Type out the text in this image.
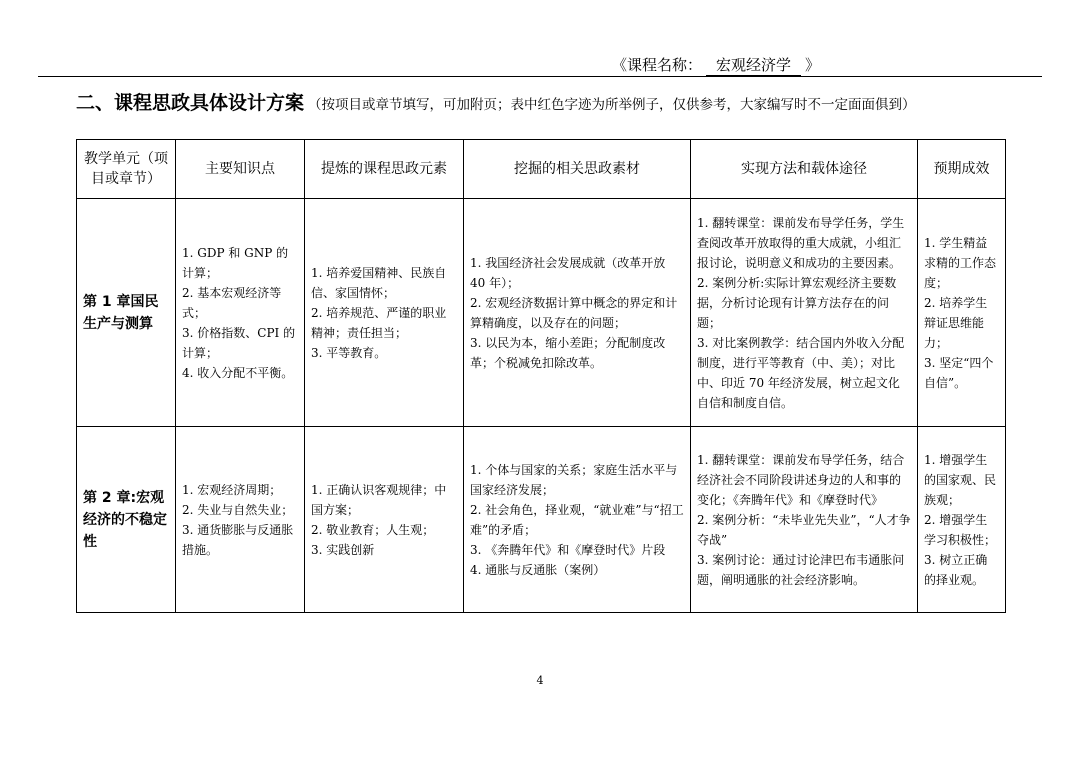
《课程名称： 宏观经济学 》
二、课程思政具体设计方案 （按项目或章节填写，可加附页；表中红色字迹为所举例子，仅供参考，大家编写时不一定面面俱到）
教学单元（项目或章节）	主要知识点	提炼的课程思政元素	挖掘的相关思政素材	实现方法和载体途径	预期成效
第 1 章国民生产与测算	1. GDP 和 GNP 的计算；
2. 基本宏观经济等式；
3. 价格指数、CPI 的计算；
4. 收入分配不平衡。	1. 培养爱国精神、民族自信、家国情怀；
2. 培养规范、严谨的职业精神；责任担当；
3. 平等教育。	1. 我国经济社会发展成就（改革开放 40 年）；
2. 宏观经济数据计算中概念的界定和计算精确度，以及存在的问题；
3. 以民为本，缩小差距；分配制度改革；个税减免扣除改革。	1. 翻转课堂：课前发布导学任务，学生查阅改革开放取得的重大成就，小组汇报讨论，说明意义和成功的主要因素。
2. 案例分析:实际计算宏观经济主要数据，分析讨论现有计算方法存在的问题；
3. 对比案例教学：结合国内外收入分配制度，进行平等教育（中、美）；对比中、印近 70 年经济发展，树立起文化自信和制度自信。	1. 学生精益求精的工作态度；
2. 培养学生辩证思维能力；
3. 坚定“四个自信”。

第 2 章:宏观经济的不稳定性	1. 宏观经济周期；
2. 失业与自然失业；
3. 通货膨胀与反通胀措施。	1. 正确认识客观规律；中国方案；
2. 敬业教育；人生观；
3. 实践创新	1. 个体与国家的关系；家庭生活水平与国家经济发展；
2. 社会角色，择业观，“就业难”与“招工难”的矛盾；
3. 《奔腾年代》和《摩登时代》片段
4. 通胀与反通胀（案例）	1. 翻转课堂：课前发布导学任务，结合经济社会不同阶段讲述身边的人和事的变化；《奔腾年代》和《摩登时代》
2. 案例分析：“未毕业先失业”，“人才争夺战”
3. 案例讨论：通过讨论津巴布韦通胀问题，阐明通胀的社会经济影响。	1. 增强学生的国家观、民族观；
2. 增强学生学习积极性；
3. 树立正确的择业观。
4
